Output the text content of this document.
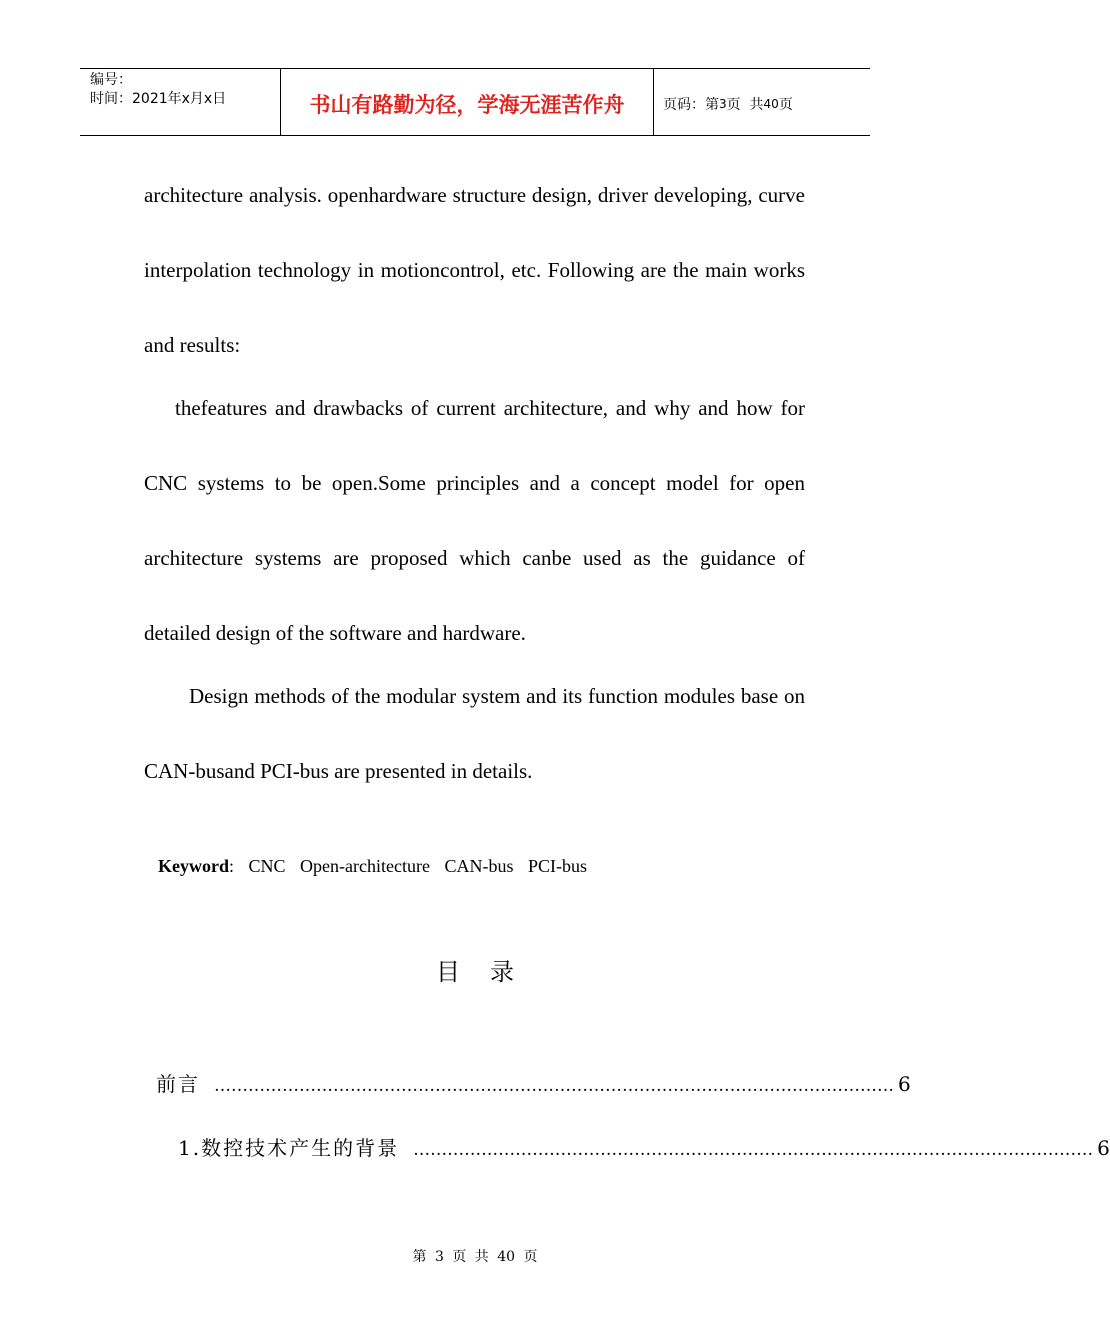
编号：
时间：2021年x月x日	书山有路勤为径，学海无涯苦作舟	页码：第 3 页  共 40 页

architecture analysis. openhardware structure design, driver developing, curve interpolation technology in motioncontrol, etc. Following are the main works and results:

thefeatures and drawbacks of current architecture, and why and how for CNC systems to be open.Some principles and a concept model for open architecture systems are proposed which canbe used as the guidance of detailed design of the software and hardware.

Design methods of the modular system and its function modules base on CAN-busand PCI-bus are presented in details.

Keyword: CNC Open-architecture CAN-bus PCI-bus
目录
前言 ………………………………………………………………………………………………………… 6
1.数控技术产生的背景 ………………………………………………………………………………………………………… 6
第 3 页 共 40 页
